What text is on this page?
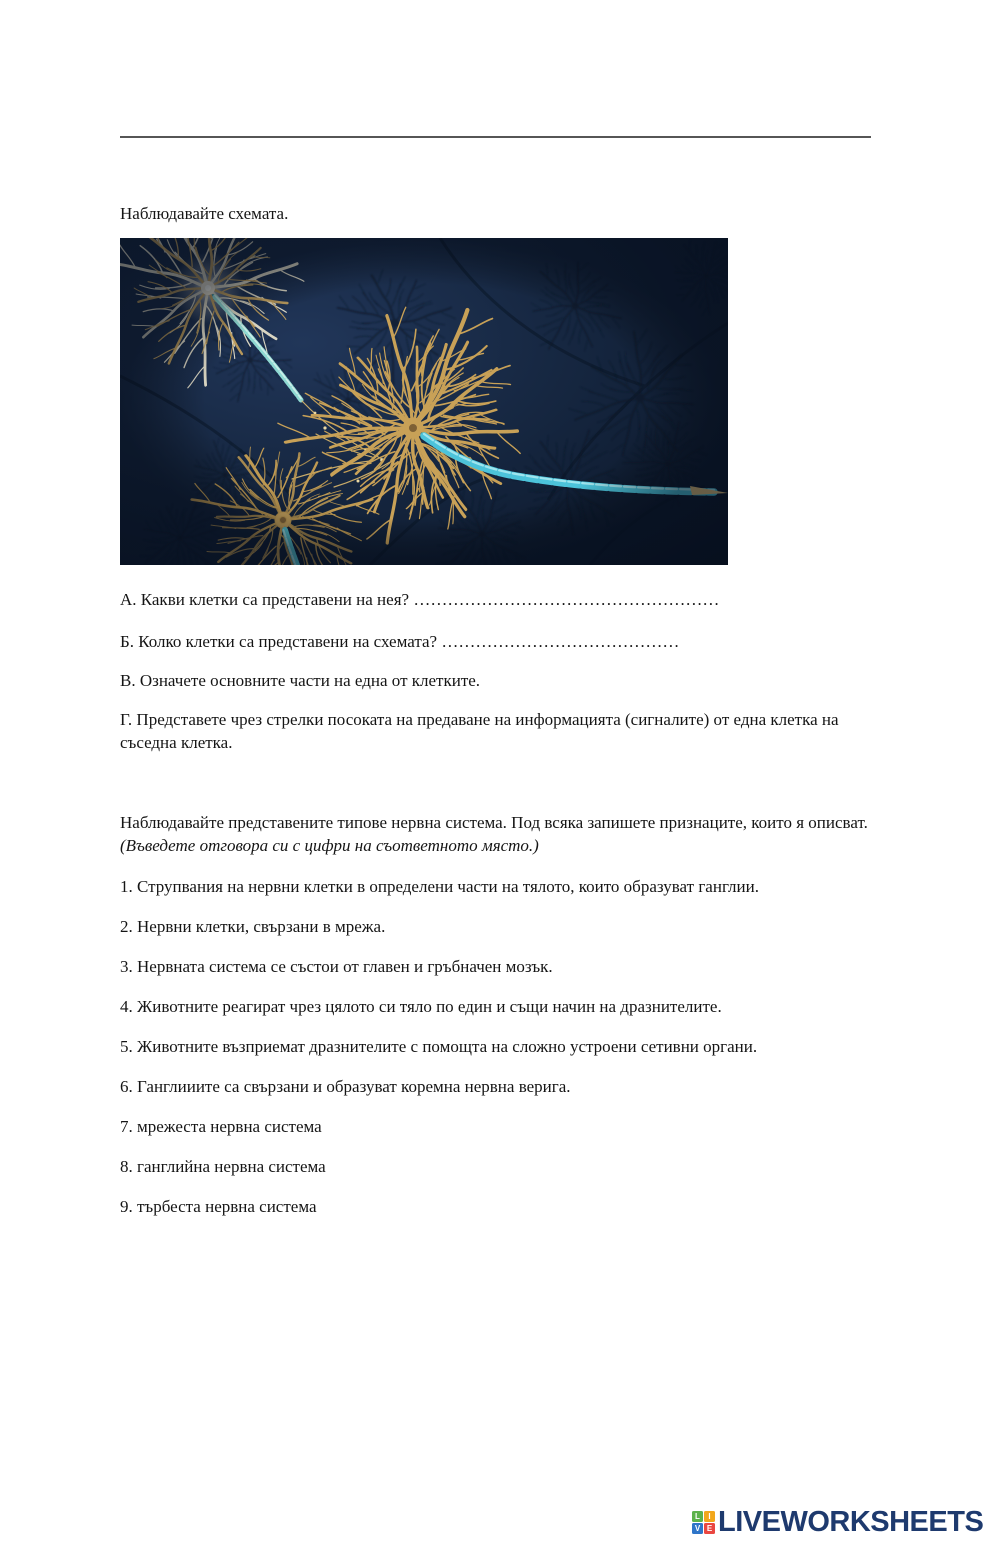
Наблюдавайте схемата.

А. Какви клетки са представени на нея? ………………………………………………

Б. Колко клетки са представени на схемата? ……………………………………

В. Означете основните части на една от клетките.

Г. Представете чрез стрелки посоката на предаване на информацията (сигналите) от една клетка на съседна клетка.

Наблюдавайте представените типове нервна система. Под всяка запишете признаците, които я описват. (Въведете отговора си с цифри на съответното място.)

1. Струпвания на нервни клетки в определени части на тялото, които образуват ганглии.

2. Нервни клетки, свързани в мрежа.

3. Нервната система се състои от главен и гръбначен мозък.

4. Животните реагират чрез цялото си тяло по един и същи начин на дразнителите.

5. Животните възприемат дразнителите с помощта на сложно устроени сетивни органи.

6. Ганглииите са свързани и образуват коремна нервна верига.

7. мрежеста нервна система

8. ганглийна нервна система

9. търбеста нервна система

L	I
V E LIVEWORKSHEETS
